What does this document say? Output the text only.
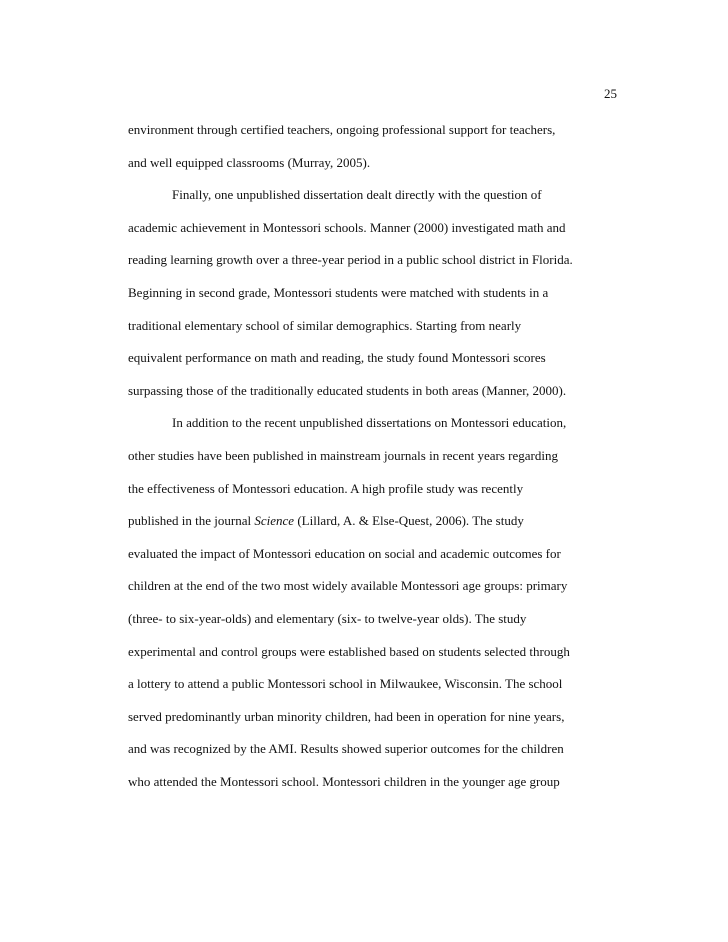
25
environment through certified teachers, ongoing professional support for teachers,
and well equipped classrooms (Murray, 2005).
Finally, one unpublished dissertation dealt directly with the question of
academic achievement in Montessori schools. Manner (2000) investigated math and
reading learning growth over a three-year period in a public school district in Florida.
Beginning in second grade, Montessori students were matched with students in a
traditional elementary school of similar demographics. Starting from nearly
equivalent performance on math and reading, the study found Montessori scores
surpassing those of the traditionally educated students in both areas (Manner, 2000).
In addition to the recent unpublished dissertations on Montessori education,
other studies have been published in mainstream journals in recent years regarding
the effectiveness of Montessori education. A high profile study was recently
published in the journal Science (Lillard, A. & Else-Quest, 2006). The study
evaluated the impact of Montessori education on social and academic outcomes for
children at the end of the two most widely available Montessori age groups: primary
(three- to six-year-olds) and elementary (six- to twelve-year olds). The study
experimental and control groups were established based on students selected through
a lottery to attend a public Montessori school in Milwaukee, Wisconsin. The school
served predominantly urban minority children, had been in operation for nine years,
and was recognized by the AMI. Results showed superior outcomes for the children
who attended the Montessori school. Montessori children in the younger age group
